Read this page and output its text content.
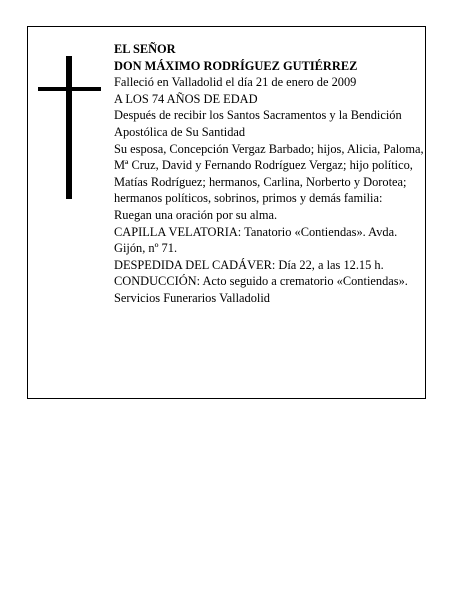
EL SEÑOR

DON MÁXIMO RODRÍGUEZ GUTIÉRREZ

Falleció en Valladolid el día 21 de enero de 2009

A LOS 74 AÑOS DE EDAD

Después de recibir los Santos Sacramentos y la Bendición Apostólica de Su Santidad

Su esposa, Concepción Vergaz Barbado; hijos, Alicia, Paloma, Mª Cruz, David y Fernando Rodríguez Vergaz; hijo político, Matías Rodríguez; hermanos, Carlina, Norberto y Dorotea; hermanos políticos, sobrinos, primos y demás familia:

Ruegan una oración por su alma.

CAPILLA VELATORIA: Tanatorio «Contiendas». Avda. Gijón, nº 71.

DESPEDIDA DEL CADÁVER: Día 22, a las 12.15 h.

CONDUCCIÓN: Acto seguido a crematorio «Contiendas».

Servicios Funerarios Valladolid
